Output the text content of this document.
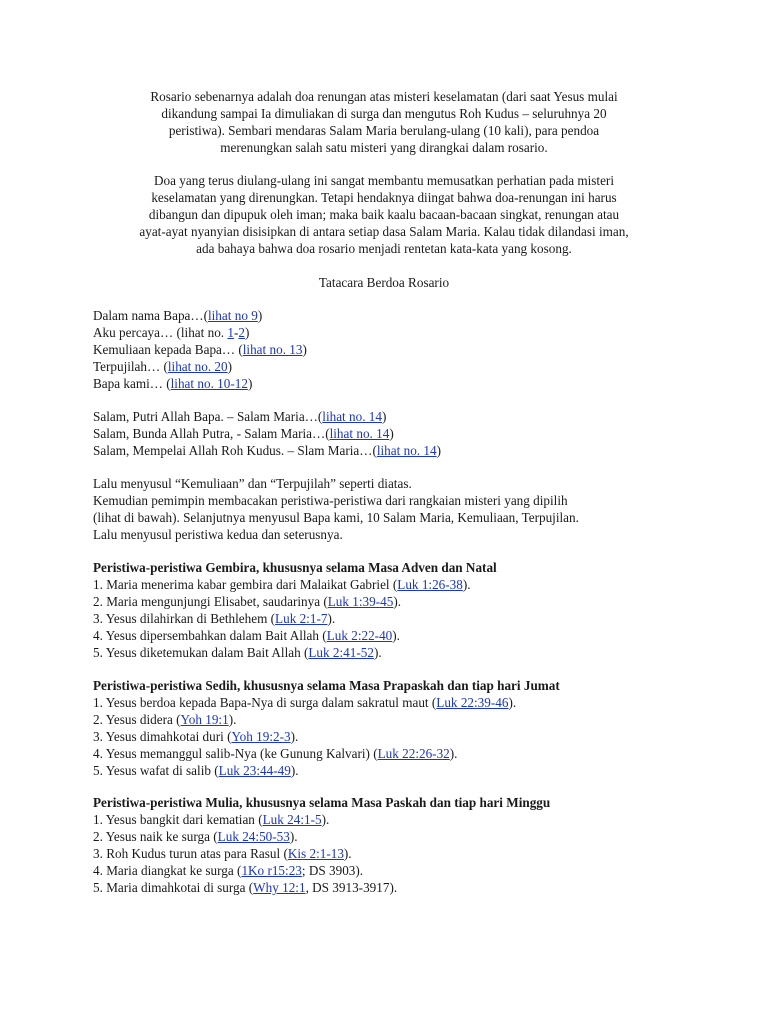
Rosario sebenarnya adalah doa renungan atas misteri keselamatan (dari saat Yesus mulai
dikandung sampai Ia dimuliakan di surga dan mengutus Roh Kudus – seluruhnya 20
peristiwa). Sembari mendaras Salam Maria berulang-ulang (10 kali), para pendoa
merenungkan salah satu misteri yang dirangkai dalam rosario.
Doa yang terus diulang-ulang ini sangat membantu memusatkan perhatian pada misteri
keselamatan yang direnungkan. Tetapi hendaknya diingat bahwa doa-renungan ini harus
dibangun dan dipupuk oleh iman; maka baik kaalu bacaan-bacaan singkat, renungan atau
ayat-ayat nyanyian disisipkan di antara setiap dasa Salam Maria. Kalau tidak dilandasi iman,
ada bahaya bahwa doa rosario menjadi rentetan kata-kata yang kosong.
Tatacara Berdoa Rosario
Dalam nama Bapa…(lihat no 9)
Aku percaya… (lihat no. 1-2)
Kemuliaan kepada Bapa… (lihat no. 13)
Terpujilah… (lihat no. 20)
Bapa kami… (lihat no. 10-12)
Salam, Putri Allah Bapa. – Salam Maria…(lihat no. 14)
Salam, Bunda Allah Putra, - Salam Maria…(lihat no. 14)
Salam, Mempelai Allah Roh Kudus. – Slam Maria…(lihat no. 14)
Lalu menyusul “Kemuliaan” dan “Terpujilah” seperti diatas.
Kemudian pemimpin membacakan peristiwa-peristiwa dari rangkaian misteri yang dipilih
(lihat di bawah). Selanjutnya menyusul Bapa kami, 10 Salam Maria, Kemuliaan, Terpujilan.
Lalu menyusul peristiwa kedua dan seterusnya.
Peristiwa-peristiwa Gembira, khususnya selama Masa Adven dan Natal
1. Maria menerima kabar gembira dari Malaikat Gabriel (Luk 1:26-38).
2. Maria mengunjungi Elisabet, saudarinya (Luk 1:39-45).
3. Yesus dilahirkan di Bethlehem (Luk 2:1-7).
4. Yesus dipersembahkan dalam Bait Allah (Luk 2:22-40).
5. Yesus diketemukan dalam Bait Allah (Luk 2:41-52).
Peristiwa-peristiwa Sedih, khususnya selama Masa Prapaskah dan tiap hari Jumat
1. Yesus berdoa kepada Bapa-Nya di surga dalam sakratul maut (Luk 22:39-46).
2. Yesus didera (Yoh 19:1).
3. Yesus dimahkotai duri (Yoh 19:2-3).
4. Yesus memanggul salib-Nya (ke Gunung Kalvari) (Luk 22:26-32).
5. Yesus wafat di salib (Luk 23:44-49).
Peristiwa-peristiwa Mulia, khususnya selama Masa Paskah dan tiap hari Minggu
1. Yesus bangkit dari kematian (Luk 24:1-5).
2. Yesus naik ke surga (Luk 24:50-53).
3. Roh Kudus turun atas para Rasul (Kis 2:1-13).
4. Maria diangkat ke surga (1Ko r15:23; DS 3903).
5. Maria dimahkotai di surga (Why 12:1, DS 3913-3917).
